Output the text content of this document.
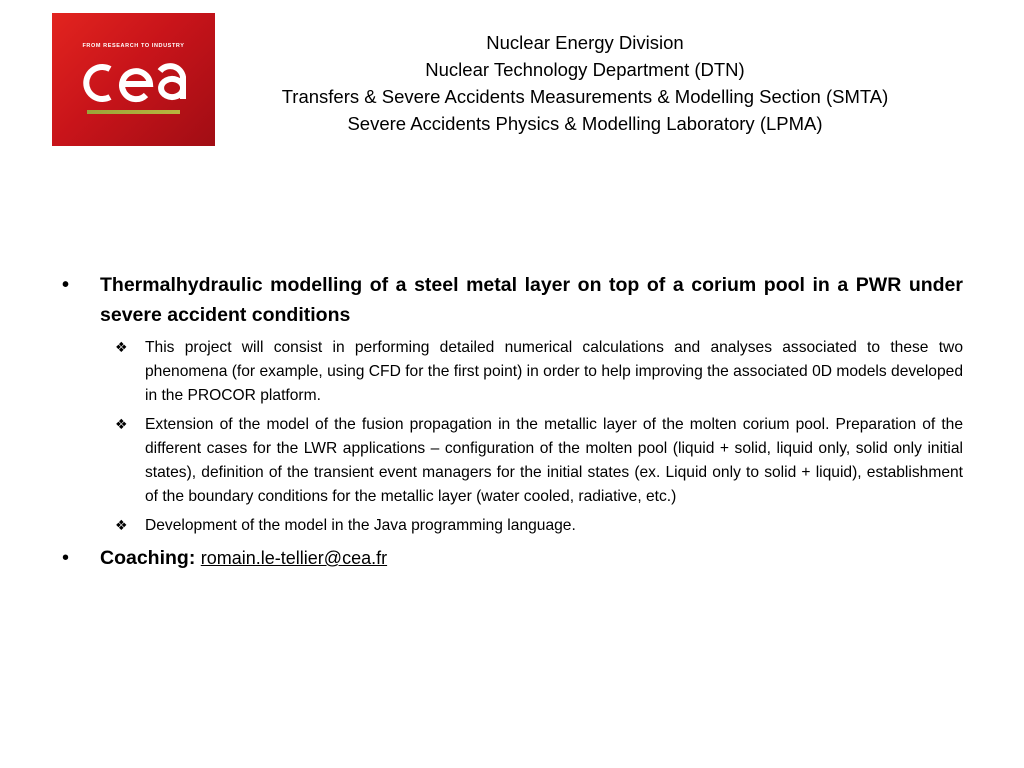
FROM RESEARCH TO INDUSTRY	Nuclear Energy Division
Nuclear Technology Department (DTN)
Transfers & Severe Accidents Measurements & Modelling Section (SMTA)
Severe Accidents Physics & Modelling Laboratory (LPMA)
• Thermalhydraulic modelling of a steel metal layer on top of a corium pool in a PWR under severe accident conditions
❖ This project will consist in performing detailed numerical calculations and analyses associated to these two phenomena (for example, using CFD for the first point) in order to help improving the associated 0D models developed in the PROCOR platform.
❖ Extension of the model of the fusion propagation in the metallic layer of the molten corium pool. Preparation of the different cases for the LWR applications – configuration of the molten pool (liquid + solid, liquid only, solid only initial states), definition of the transient event managers for the initial states (ex. Liquid only to solid + liquid), establishment of the boundary conditions for the metallic layer (water cooled, radiative, etc.)
❖ Development of the model in the Java programming language.
• Coaching: romain.le-tellier@cea.fr
